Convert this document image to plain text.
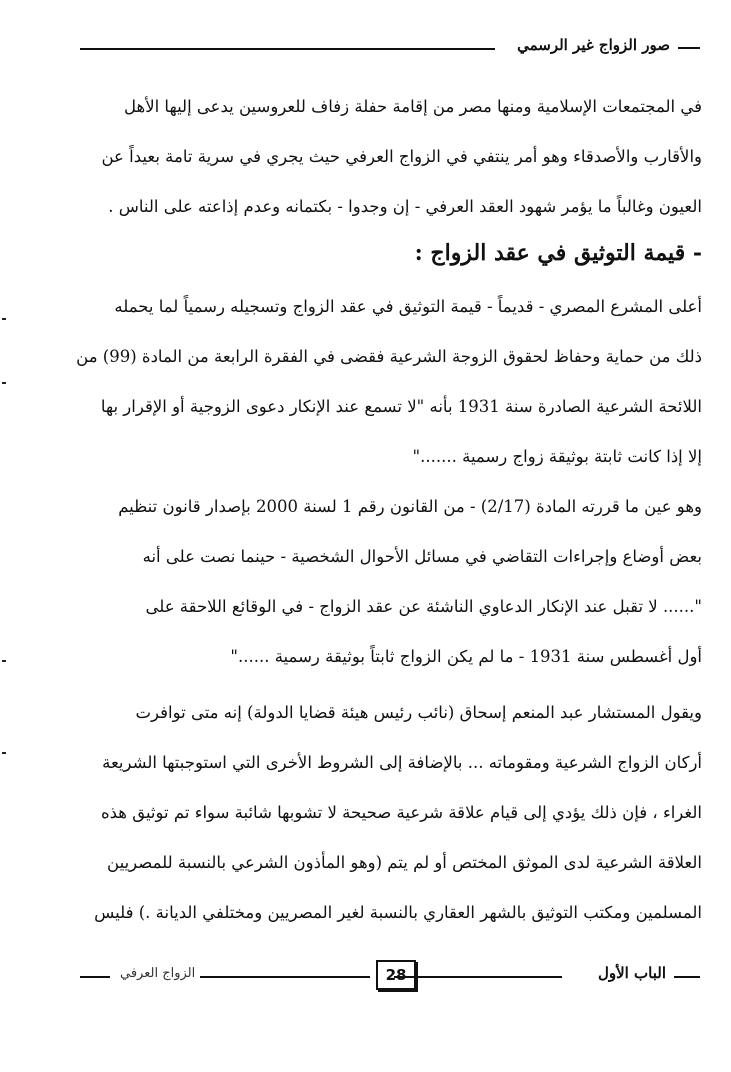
صور الزواج غير الرسمي
في المجتمعات الإسلامية ومنها مصر من إقامة حفلة زفاف للعروسين يدعى إليها الأهل
والأقارب والأصدقاء وهو أمر ينتفي في الزواج العرفي حيث يجري في سرية تامة بعيداً عن
العيون وغالباً ما يؤمر شهود العقد العرفي - إن وجدوا - بكتمانه وعدم إذاعته على الناس .
- قيمة التوثيق في عقد الزواج :
أعلى المشرع المصري - قديماً - قيمة التوثيق في عقد الزواج وتسجيله رسمياً لما يحمله
ذلك من حماية وحفاظ لحقوق الزوجة الشرعية فقضى في الفقرة الرابعة من المادة (99) من
اللائحة الشرعية الصادرة سنة 1931 بأنه "لا تسمع عند الإنكار دعوى الزوجية أو الإقرار بها
إلا إذا كانت ثابتة بوثيقة زواج رسمية ......."
وهو عين ما قررته المادة (2/17) - من القانون رقم 1 لسنة 2000 بإصدار قانون تنظيم
بعض أوضاع وإجراءات التقاضي في مسائل الأحوال الشخصية - حينما نصت على أنه
"...... لا تقبل عند الإنكار الدعاوي الناشئة عن عقد الزواج - في الوقائع اللاحقة على
أول أغسطس سنة 1931 - ما لم يكن الزواج ثابتاً بوثيقة رسمية ......"
ويقول المستشار عبد المنعم إسحاق (نائب رئيس هيئة قضايا الدولة) إنه متى توافرت
أركان الزواج الشرعية ومقوماته ... بالإضافة إلى الشروط الأخرى التي استوجبتها الشريعة
الغراء ، فإن ذلك يؤدي إلى قيام علاقة شرعية صحيحة لا تشوبها شائبة سواء تم توثيق هذه
العلاقة الشرعية لدى الموثق المختص أو لم يتم (وهو المأذون الشرعي بالنسبة للمصريين
المسلمين ومكتب التوثيق بالشهر العقاري بالنسبة لغير المصريين ومختلفي الديانة .) فليس
الباب الأول
28
الزواج العرفي
